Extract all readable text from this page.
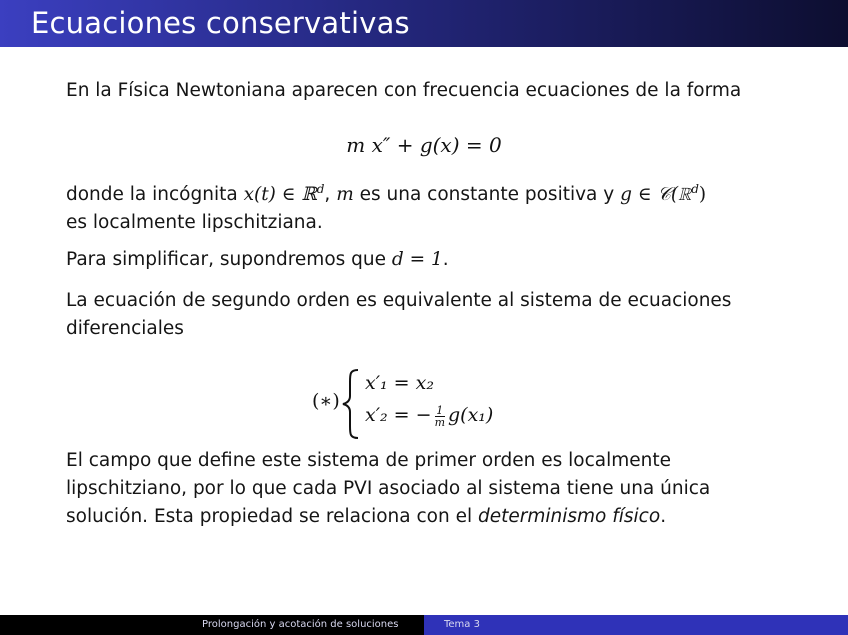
Ecuaciones conservativas
En la Física Newtoniana aparecen con frecuencia ecuaciones de la forma
m x″ + g(x) = 0
donde la incógnita x(t) ∈ ℝ$^d$, m es una constante positiva y g ∈ 𝒞(ℝ$^d$)
es localmente lipschitziana.
Para simplificar, supondremos que d = 1.
La ecuación de segundo orden es equivalente al sistema de ecuaciones diferenciales
(∗)
x′₁ = x₂
x′₂ = − $\frac{1}{m} g(x_1)$
El campo que define este sistema de primer orden es localmente lipschitziano, por lo que cada PVI asociado al sistema tiene una única solución. Esta propiedad se relaciona con el determinismo físico.
Prolongación y acotación de soluciones	Tema 3
